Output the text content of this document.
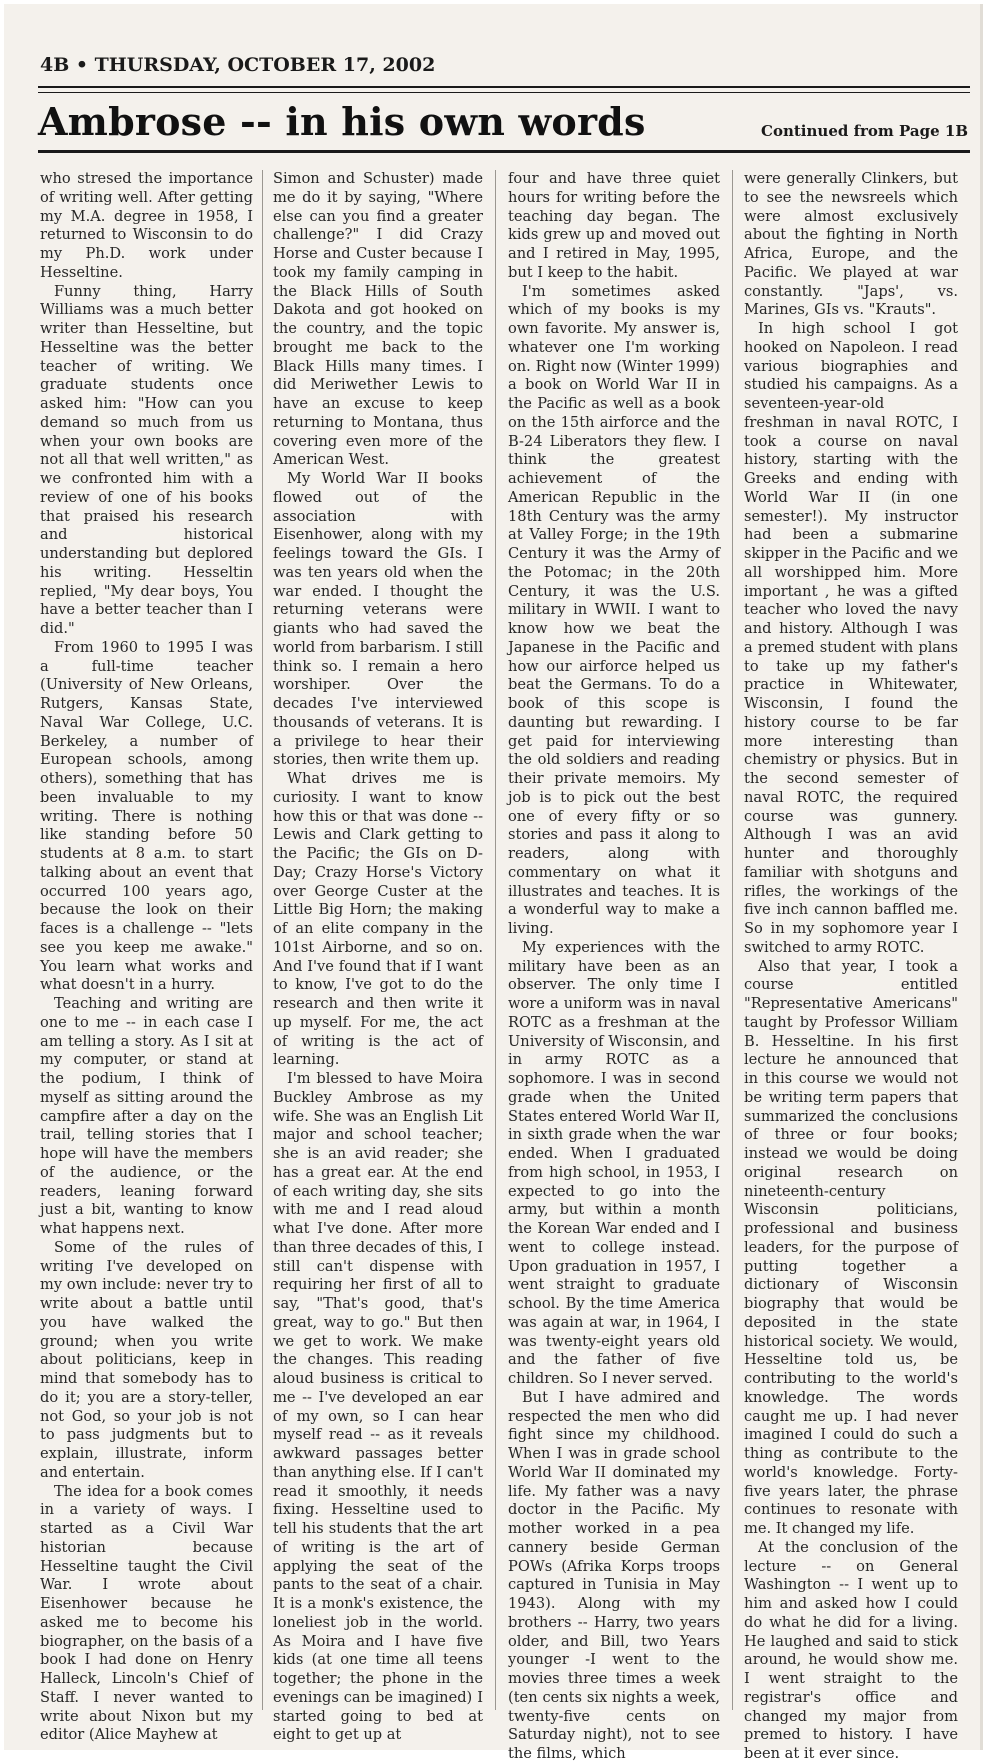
4B • THURSDAY, OCTOBER 17, 2002
Ambrose -- in his own words	Continued from Page 1B

who stresed the importance of writing well. After getting my M.A. degree in 1958, I returned to Wisconsin to do my Ph.D. work under Hesseltine.

Funny thing, Harry Williams was a much better writer than Hesseltine, but Hesseltine was the better teacher of writing. We graduate students once asked him: "How can you demand so much from us when your own books are not all that well written," as we confronted him with a review of one of his books that praised his research and historical understanding but deplored his writing. Hesseltin replied, "My dear boys, You have a better teacher than I did."

From 1960 to 1995 I was a full-time teacher (University of New Orleans, Rutgers, Kansas State, Naval War College, U.C. Berkeley, a number of European schools, among others), something that has been invaluable to my writing. There is nothing like standing before 50 students at 8 a.m. to start talking about an event that occurred 100 years ago, because the look on their faces is a challenge -- "lets see you keep me awake." You learn what works and what doesn't in a hurry.

Teaching and writing are one to me -- in each case I am telling a story. As I sit at my computer, or stand at the podium, I think of myself as sitting around the campfire after a day on the trail, telling stories that I hope will have the members of the audience, or the readers, leaning forward just a bit, wanting to know what happens next.

Some of the rules of writing I've developed on my own include: never try to write about a battle until you have walked the ground; when you write about politicians, keep in mind that somebody has to do it; you are a story-teller, not God, so your job is not to pass judgments but to explain, illustrate, inform and entertain.

The idea for a book comes in a variety of ways. I started as a Civil War historian because Hesseltine taught the Civil War. I wrote about Eisenhower because he asked me to become his biographer, on the basis of a book I had done on Henry Halleck, Lincoln's Chief of Staff. I never wanted to write about Nixon but my editor (Alice Mayhew at

Simon and Schuster) made me do it by saying, "Where else can you find a greater challenge?" I did Crazy Horse and Custer because I took my family camping in the Black Hills of South Dakota and got hooked on the country, and the topic brought me back to the Black Hills many times. I did Meriwether Lewis to have an excuse to keep returning to Montana, thus covering even more of the American West.

My World War II books flowed out of the association with Eisenhower, along with my feelings toward the GIs. I was ten years old when the war ended. I thought the returning veterans were giants who had saved the world from barbarism. I still think so. I remain a hero worshiper. Over the decades I've interviewed thousands of veterans. It is a privilege to hear their stories, then write them up.

What drives me is curiosity. I want to know how this or that was done -- Lewis and Clark getting to the Pacific; the GIs on D-Day; Crazy Horse's Victory over George Custer at the Little Big Horn; the making of an elite company in the 101st Airborne, and so on. And I've found that if I want to know, I've got to do the research and then write it up myself. For me, the act of writing is the act of learning.

I'm blessed to have Moira Buckley Ambrose as my wife. She was an English Lit major and school teacher; she is an avid reader; she has a great ear. At the end of each writing day, she sits with me and I read aloud what I've done. After more than three decades of this, I still can't dispense with requiring her first of all to say, "That's good, that's great, way to go." But then we get to work. We make the changes. This reading aloud business is critical to me -- I've developed an ear of my own, so I can hear myself read -- as it reveals awkward passages better than anything else. If I can't read it smoothly, it needs fixing. Hesseltine used to tell his students that the art of writing is the art of applying the seat of the pants to the seat of a chair. It is a monk's existence, the loneliest job in the world. As Moira and I have five kids (at one time all teens together; the phone in the evenings can be imagined) I started going to bed at eight to get up at

four and have three quiet hours for writing before the teaching day began. The kids grew up and moved out and I retired in May, 1995, but I keep to the habit.

I'm sometimes asked which of my books is my own favorite. My answer is, whatever one I'm working on. Right now (Winter 1999) a book on World War II in the Pacific as well as a book on the 15th airforce and the B-24 Liberators they flew. I think the greatest achievement of the American Republic in the 18th Century was the army at Valley Forge; in the 19th Century it was the Army of the Potomac; in the 20th Century, it was the U.S. military in WWII. I want to know how we beat the Japanese in the Pacific and how our airforce helped us beat the Germans. To do a book of this scope is daunting but rewarding. I get paid for interviewing the old soldiers and reading their private memoirs. My job is to pick out the best one of every fifty or so stories and pass it along to readers, along with commentary on what it illustrates and teaches. It is a wonderful way to make a living.

My experiences with the military have been as an observer. The only time I wore a uniform was in naval ROTC as a freshman at the University of Wisconsin, and in army ROTC as a sophomore. I was in second grade when the United States entered World War II, in sixth grade when the war ended. When I graduated from high school, in 1953, I expected to go into the army, but within a month the Korean War ended and I went to college instead. Upon graduation in 1957, I went straight to graduate school. By the time America was again at war, in 1964, I was twenty-eight years old and the father of five children. So I never served.

But I have admired and respected the men who did fight since my childhood. When I was in grade school World War II dominated my life. My father was a navy doctor in the Pacific. My mother worked in a pea cannery beside German POWs (Afrika Korps troops captured in Tunisia in May 1943). Along with my brothers -- Harry, two years older, and Bill, two Years younger -I went to the movies three times a week (ten cents six nights a week, twenty-five cents on Saturday night), not to see the films, which

were generally Clinkers, but to see the newsreels which were almost exclusively about the fighting in North Africa, Europe, and the Pacific. We played at war constantly. "Japs', vs. Marines, GIs vs. "Krauts".

In high school I got hooked on Napoleon. I read various biographies and studied his campaigns. As a seventeen-year-old freshman in naval ROTC, I took a course on naval history, starting with the Greeks and ending with World War II (in one semester!). My instructor had been a submarine skipper in the Pacific and we all worshipped him. More important , he was a gifted teacher who loved the navy and history. Although I was a premed student with plans to take up my father's practice in Whitewater, Wisconsin, I found the history course to be far more interesting than chemistry or physics. But in the second semester of naval ROTC, the required course was gunnery. Although I was an avid hunter and thoroughly familiar with shotguns and rifles, the workings of the five inch cannon baffled me. So in my sophomore year I switched to army ROTC.

Also that year, I took a course entitled "Representative Americans" taught by Professor William B. Hesseltine. In his first lecture he announced that in this course we would not be writing term papers that summarized the conclusions of three or four books; instead we would be doing original research on nineteenth-century Wisconsin politicians, professional and business leaders, for the purpose of putting together a dictionary of Wisconsin biography that would be deposited in the state historical society. We would, Hesseltine told us, be contributing to the world's knowledge. The words caught me up. I had never imagined I could do such a thing as contribute to the world's knowledge. Forty-five years later, the phrase continues to resonate with me. It changed my life.

At the conclusion of the lecture -- on General Washington -- I went up to him and asked how I could do what he did for a living. He laughed and said to stick around, he would show me. I went straight to the registrar's office and changed my major from premed to history. I have been at it ever since.
